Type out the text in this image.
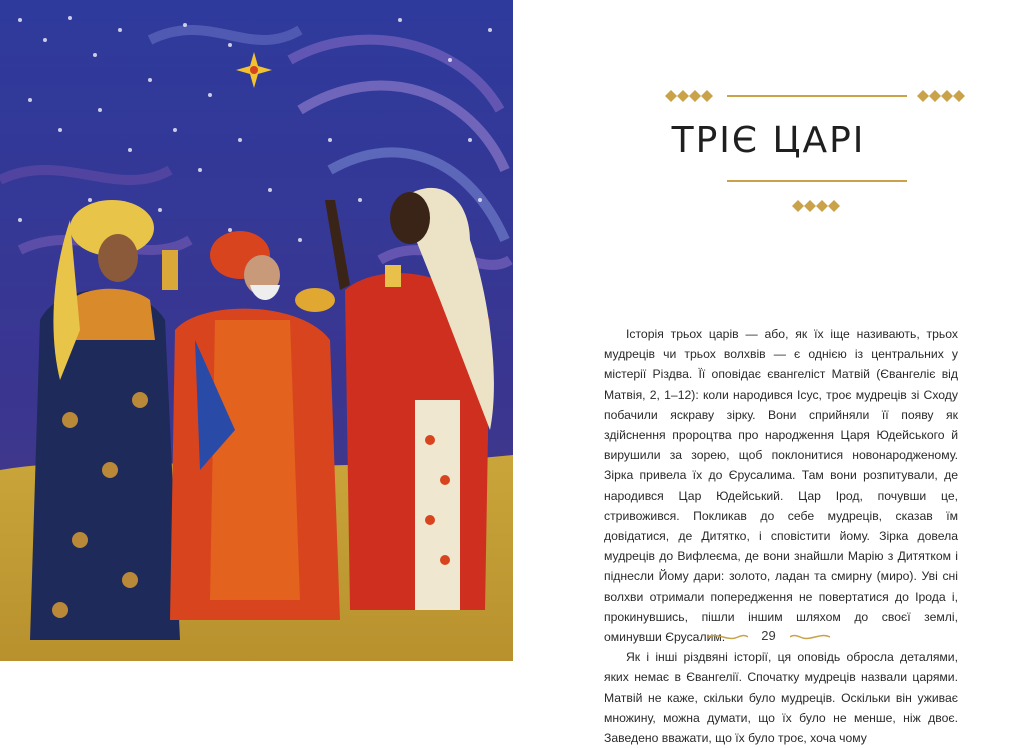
ТРІЄ ЦАРІ

Історія трьох царів — або, як їх іще називають, трьох мудреців чи трьох волхвів — є однією із центральних у містерії Різдва. Її оповідає євангеліст Матвій (Євангеліє від Матвія, 2, 1–12): коли народився Ісус, троє мудреців зі Сходу побачили яскраву зірку. Вони сприйняли її появу як здійснення пророцтва про народження Царя Юдейського й вирушили за зорею, щоб поклонитися новонародженому. Зірка привела їх до Єрусалима. Там вони розпитували, де народився Цар Юдейський. Цар Ірод, почувши це, стривожився. Покликав до себе мудреців, сказав їм довідатися, де Дитятко, і сповістити йому. Зірка довела мудреців до Вифлеєма, де вони знайшли Марію з Дитятком і піднесли Йому дари: золото, ладан та смирну (миро). Уві сні волхви отримали попередження не повертатися до Ірода і, прокинувшись, пішли іншим шляхом до своєї землі, оминувши Єрусалим.

Як і інші різдвяні історії, ця оповідь обросла деталями, яких немає в Євангелії. Спочатку мудреців назвали царями. Матвій не каже, скільки було мудреців. Оскільки він уживає множину, можна думати, що їх було не менше, ніж двоє. Заведено вважати, що їх було троє, хоча чому

29
